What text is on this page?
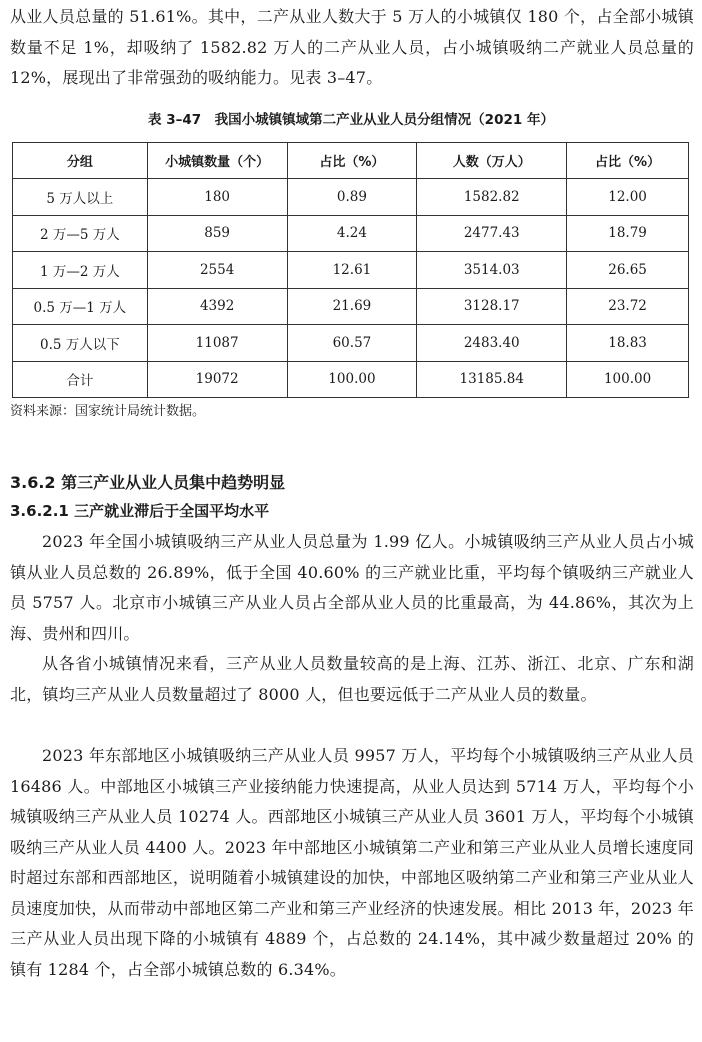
从业人员总量的 51.61%。其中，二产从业人数大于 5 万人的小城镇仅 180 个，占全部小城镇数量不足 1%，却吸纳了 1582.82 万人的二产从业人员，占小城镇吸纳二产就业人员总量的 12%，展现出了非常强劲的吸纳能力。见表 3–47。

表 3–47　我国小城镇镇域第二产业从业人员分组情况（2021 年）

分组	小城镇数量（个）	占比（%）	人数（万人）	占比（%）
5 万人以上	180	0.89	1582.82	12.00
2 万—5 万人	859	4.24	2477.43	18.79
1 万—2 万人	2554	12.61	3514.03	26.65
0.5 万—1 万人	4392	21.69	3128.17	23.72
0.5 万人以下	11087	60.57	2483.40	18.83
合计	19072	100.00	13185.84	100.00

资料来源：国家统计局统计数据。

3.6.2 第三产业从业人员集中趋势明显
3.6.2.1 三产就业滞后于全国平均水平

2023 年全国小城镇吸纳三产从业人员总量为 1.99 亿人。小城镇吸纳三产从业人员占小城镇从业人员总数的 26.89%，低于全国 40.60% 的三产就业比重，平均每个镇吸纳三产就业人员 5757 人。北京市小城镇三产从业人员占全部从业人员的比重最高，为 44.86%，其次为上海、贵州和四川。

从各省小城镇情况来看，三产从业人员数量较高的是上海、江苏、浙江、北京、广东和湖北，镇均三产从业人员数量超过了 8000 人，但也要远低于二产从业人员的数量。

2023 年东部地区小城镇吸纳三产从业人员 9957 万人，平均每个小城镇吸纳三产从业人员 16486 人。中部地区小城镇三产业接纳能力快速提高，从业人员达到 5714 万人，平均每个小城镇吸纳三产从业人员 10274 人。西部地区小城镇三产从业人员 3601 万人，平均每个小城镇吸纳三产从业人员 4400 人。2023 年中部地区小城镇第二产业和第三产业从业人员增长速度同时超过东部和西部地区，说明随着小城镇建设的加快，中部地区吸纳第二产业和第三产业从业人员速度加快，从而带动中部地区第二产业和第三产业经济的快速发展。相比 2013 年，2023 年三产从业人员出现下降的小城镇有 4889 个，占总数的 24.14%，其中减少数量超过 20% 的镇有 1284 个，占全部小城镇总数的 6.34%。
